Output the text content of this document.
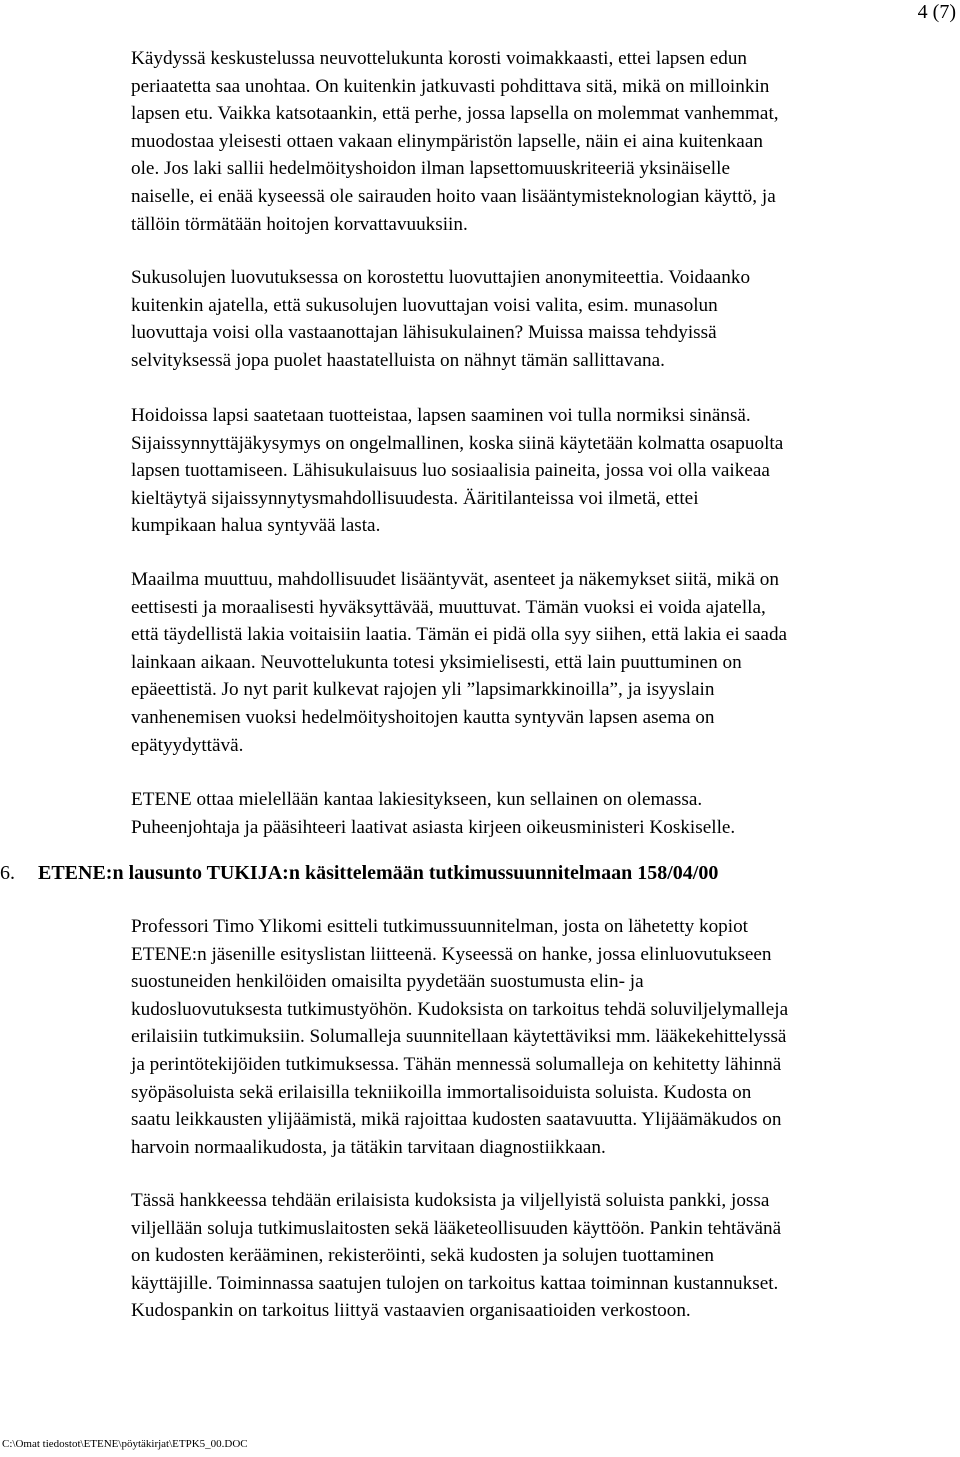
4 (7)

Käydyssä keskustelussa neuvottelukunta korosti voimakkaasti, ettei lapsen edun
periaatetta saa unohtaa. On kuitenkin jatkuvasti pohdittava sitä, mikä on milloinkin
lapsen etu. Vaikka katsotaankin, että perhe, jossa lapsella on molemmat vanhemmat,
muodostaa yleisesti ottaen vakaan elinympäristön lapselle, näin ei aina kuitenkaan
ole. Jos laki sallii hedelmöityshoidon ilman lapsettomuuskriteeriä yksinäiselle
naiselle, ei enää kyseessä ole sairauden hoito vaan lisääntymisteknologian käyttö, ja
tällöin törmätään hoitojen korvattavuuksiin.

Sukusolujen luovutuksessa on korostettu luovuttajien anonymiteettia. Voidaanko
kuitenkin ajatella, että sukusolujen luovuttajan voisi valita, esim. munasolun
luovuttaja voisi olla vastaanottajan lähisukulainen? Muissa maissa tehdyissä
selvityksessä jopa puolet haastatelluista on nähnyt tämän sallittavana.

Hoidoissa lapsi saatetaan tuotteistaa, lapsen saaminen voi tulla normiksi sinänsä.
Sijaissynnyttäjäkysymys on ongelmallinen, koska siinä käytetään kolmatta osapuolta
lapsen tuottamiseen. Lähisukulaisuus luo sosiaalisia paineita, jossa voi olla vaikeaa
kieltäytyä sijaissynnytysmahdollisuudesta. Ääritilanteissa voi ilmetä, ettei
kumpikaan halua syntyvää lasta.

Maailma muuttuu, mahdollisuudet lisääntyvät, asenteet ja näkemykset siitä, mikä on
eettisesti ja moraalisesti hyväksyttävää, muuttuvat. Tämän vuoksi ei voida ajatella,
että täydellistä lakia voitaisiin laatia. Tämän ei pidä olla syy siihen, että lakia ei saada
lainkaan aikaan. Neuvottelukunta totesi yksimielisesti, että lain puuttuminen on
epäeettistä. Jo nyt parit kulkevat rajojen yli ”lapsimarkkinoilla”, ja isyyslain
vanhenemisen vuoksi hedelmöityshoitojen kautta syntyvän lapsen asema on
epätyydyttävä.

ETENE ottaa mielellään kantaa lakiesitykseen, kun sellainen on olemassa.
Puheenjohtaja ja pääsihteeri laativat asiasta kirjeen oikeusministeri Koskiselle.

6. ETENE:n lausunto TUKIJA:n käsittelemään tutkimussuunnitelmaan 158/04/00

Professori Timo Ylikomi esitteli tutkimussuunnitelman, josta on lähetetty kopiot
ETENE:n jäsenille esityslistan liitteenä. Kyseessä on hanke, jossa elinluovutukseen
suostuneiden henkilöiden omaisilta pyydetään suostumusta elin- ja
kudosluovutuksesta tutkimustyöhön. Kudoksista on tarkoitus tehdä soluviljelymalleja
erilaisiin tutkimuksiin. Solumalleja suunnitellaan käytettäviksi mm. lääkekehittelyssä
ja perintötekijöiden tutkimuksessa. Tähän mennessä solumalleja on kehitetty lähinnä
syöpäsoluista sekä erilaisilla tekniikoilla immortalisoiduista soluista. Kudosta on
saatu leikkausten ylijäämistä, mikä rajoittaa kudosten saatavuutta. Ylijäämäkudos on
harvoin normaalikudosta, ja tätäkin tarvitaan diagnostiikkaan.

Tässä hankkeessa tehdään erilaisista kudoksista ja viljellyistä soluista pankki, jossa
viljellään soluja tutkimuslaitosten sekä lääketeollisuuden käyttöön. Pankin tehtävänä
on kudosten kerääminen, rekisteröinti, sekä kudosten ja solujen tuottaminen
käyttäjille. Toiminnassa saatujen tulojen on tarkoitus kattaa toiminnan kustannukset.
Kudospankin on tarkoitus liittyä vastaavien organisaatioiden verkostoon.

C:\Omat tiedostot\ETENE\pöytäkirjat\ETPK5_00.DOC
